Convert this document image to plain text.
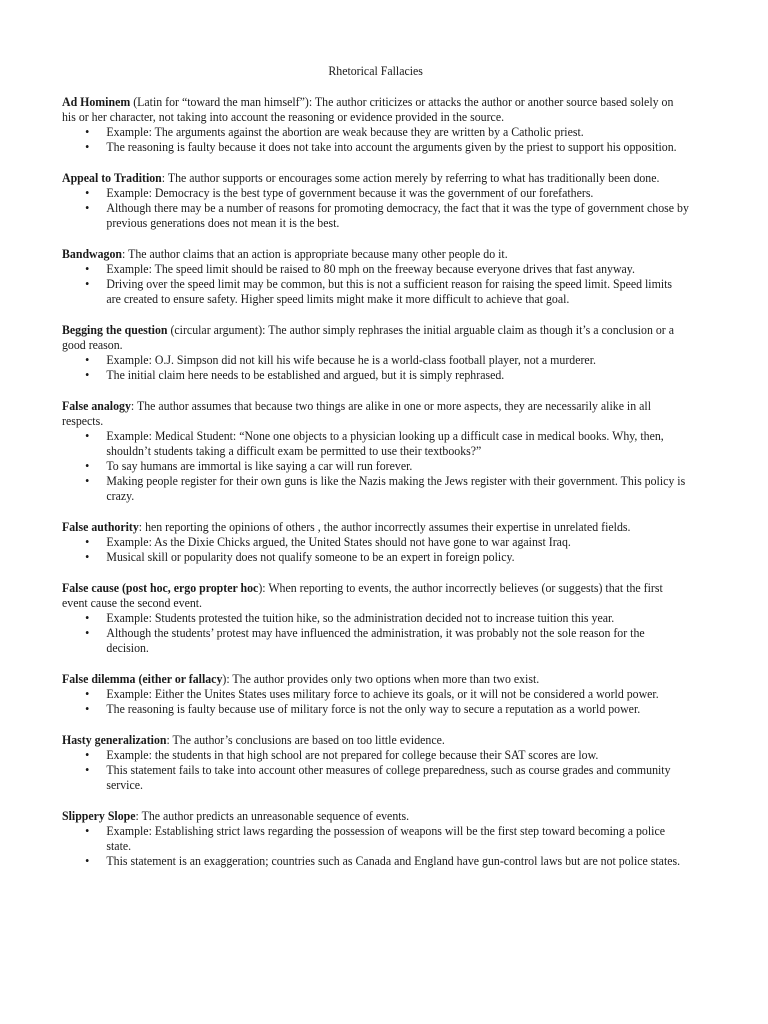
Rhetorical Fallacies

Ad Hominem (Latin for “toward the man himself”): The author criticizes or attacks the author or another source based solely on his or her character, not taking into account the reasoning or evidence provided in the source.

• Example: The arguments against the abortion are weak because they are written by a Catholic priest.
• The reasoning is faulty because it does not take into account the arguments given by the priest to support his opposition.

Appeal to Tradition: The author supports or encourages some action merely by referring to what has traditionally been done.

• Example: Democracy is the best type of government because it was the government of our forefathers.
• Although there may be a number of reasons for promoting democracy, the fact that it was the type of government chose by previous generations does not mean it is the best.

Bandwagon: The author claims that an action is appropriate because many other people do it.

• Example: The speed limit should be raised to 80 mph on the freeway because everyone drives that fast anyway.
• Driving over the speed limit may be common, but this is not a sufficient reason for raising the speed limit. Speed limits are created to ensure safety. Higher speed limits might make it more difficult to achieve that goal.

Begging the question (circular argument): The author simply rephrases the initial arguable claim as though it’s a conclusion or a good reason.

• Example: O.J. Simpson did not kill his wife because he is a world-class football player, not a murderer.
• The initial claim here needs to be established and argued, but it is simply rephrased.

False analogy: The author assumes that because two things are alike in one or more aspects, they are necessarily alike in all respects.

• Example: Medical Student: “None one objects to a physician looking up a difficult case in medical books. Why, then, shouldn’t students taking a difficult exam be permitted to use their textbooks?”
• To say humans are immortal is like saying a car will run forever.
• Making people register for their own guns is like the Nazis making the Jews register with their government. This policy is crazy.

False authority: hen reporting the opinions of others , the author incorrectly assumes their expertise in unrelated fields.

• Example: As the Dixie Chicks argued, the United States should not have gone to war against Iraq.
• Musical skill or popularity does not qualify someone to be an expert in foreign policy.

False cause (post hoc, ergo propter hoc): When reporting to events, the author incorrectly believes (or suggests) that the first event cause the second event.

• Example: Students protested the tuition hike, so the administration decided not to increase tuition this year.
• Although the students’ protest may have influenced the administration, it was probably not the sole reason for the decision.

False dilemma (either or fallacy): The author provides only two options when more than two exist.

• Example: Either the Unites States uses military force to achieve its goals, or it will not be considered a world power.
• The reasoning is faulty because use of military force is not the only way to secure a reputation as a world power.

Hasty generalization: The author’s conclusions are based on too little evidence.

• Example: the students in that high school are not prepared for college because their SAT scores are low.
• This statement fails to take into account other measures of college preparedness, such as course grades and community service.

Slippery Slope: The author predicts an unreasonable sequence of events.

• Example: Establishing strict laws regarding the possession of weapons will be the first step toward becoming a police state.
• This statement is an exaggeration; countries such as Canada and England have gun-control laws but are not police states.
